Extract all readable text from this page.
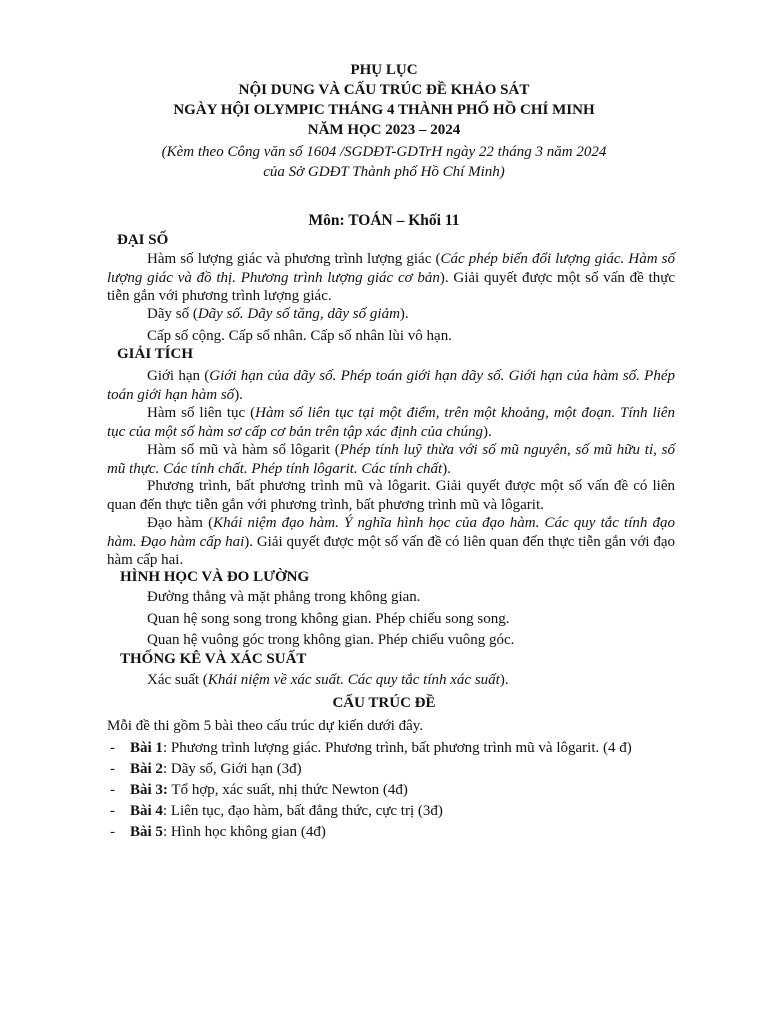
PHỤ LỤC
NỘI DUNG VÀ CẤU TRÚC ĐỀ KHẢO SÁT
NGÀY HỘI OLYMPIC THÁNG 4 THÀNH PHỐ HỒ CHÍ MINH
NĂM HỌC 2023 – 2024
(Kèm theo Công văn số 1604 /SGDĐT-GDTrH ngày 22 tháng 3 năm 2024
của Sở GDĐT Thành phố Hồ Chí Minh)
Môn: TOÁN – Khối 11
ĐẠI SỐ
Hàm số lượng giác và phương trình lượng giác (Các phép biến đổi lượng giác. Hàm số lượng giác và đồ thị. Phương trình lượng giác cơ bản). Giải quyết được một số vấn đề thực tiễn gắn với phương trình lượng giác.
Dãy số (Dãy số. Dãy số tăng, dãy số giảm).
Cấp số cộng. Cấp số nhân. Cấp số nhân lùi vô hạn.
GIẢI TÍCH
Giới hạn (Giới hạn của dãy số. Phép toán giới hạn dãy số. Giới hạn của hàm số. Phép toán giới hạn hàm số).
Hàm số liên tục (Hàm số liên tục tại một điểm, trên một khoảng, một đoạn. Tính liên tục của một số hàm sơ cấp cơ bản trên tập xác định của chúng).
Hàm số mũ và hàm số lôgarit (Phép tính luỹ thừa với số mũ nguyên, số mũ hữu tỉ, số mũ thực. Các tính chất. Phép tính lôgarit. Các tính chất).
Phương trình, bất phương trình mũ và lôgarit. Giải quyết được một số vấn đề có liên quan đến thực tiễn gắn với phương trình, bất phương trình mũ và lôgarit.
Đạo hàm (Khái niệm đạo hàm. Ý nghĩa hình học của đạo hàm. Các quy tắc tính đạo hàm. Đạo hàm cấp hai). Giải quyết được một số vấn đề có liên quan đến thực tiễn gắn với đạo hàm cấp hai.
HÌNH HỌC VÀ ĐO LƯỜNG
Đường thẳng và mặt phẳng trong không gian.
Quan hệ song song trong không gian. Phép chiếu song song.
Quan hệ vuông góc trong không gian. Phép chiếu vuông góc.
THỐNG KÊ VÀ XÁC SUẤT
Xác suất (Khái niệm về xác suất. Các quy tắc tính xác suất).
CẤU TRÚC ĐỀ
Mỗi đề thi gồm 5 bài theo cấu trúc dự kiến dưới đây.
- Bài 1: Phương trình lượng giác. Phương trình, bất phương trình mũ và lôgarit. (4 đ)
- Bài 2: Dãy số, Giới hạn (3đ)
- Bài 3: Tổ hợp, xác suất, nhị thức Newton (4đ)
- Bài 4: Liên tục, đạo hàm, bất đẳng thức, cực trị (3đ)
- Bài 5: Hình học không gian (4đ)
